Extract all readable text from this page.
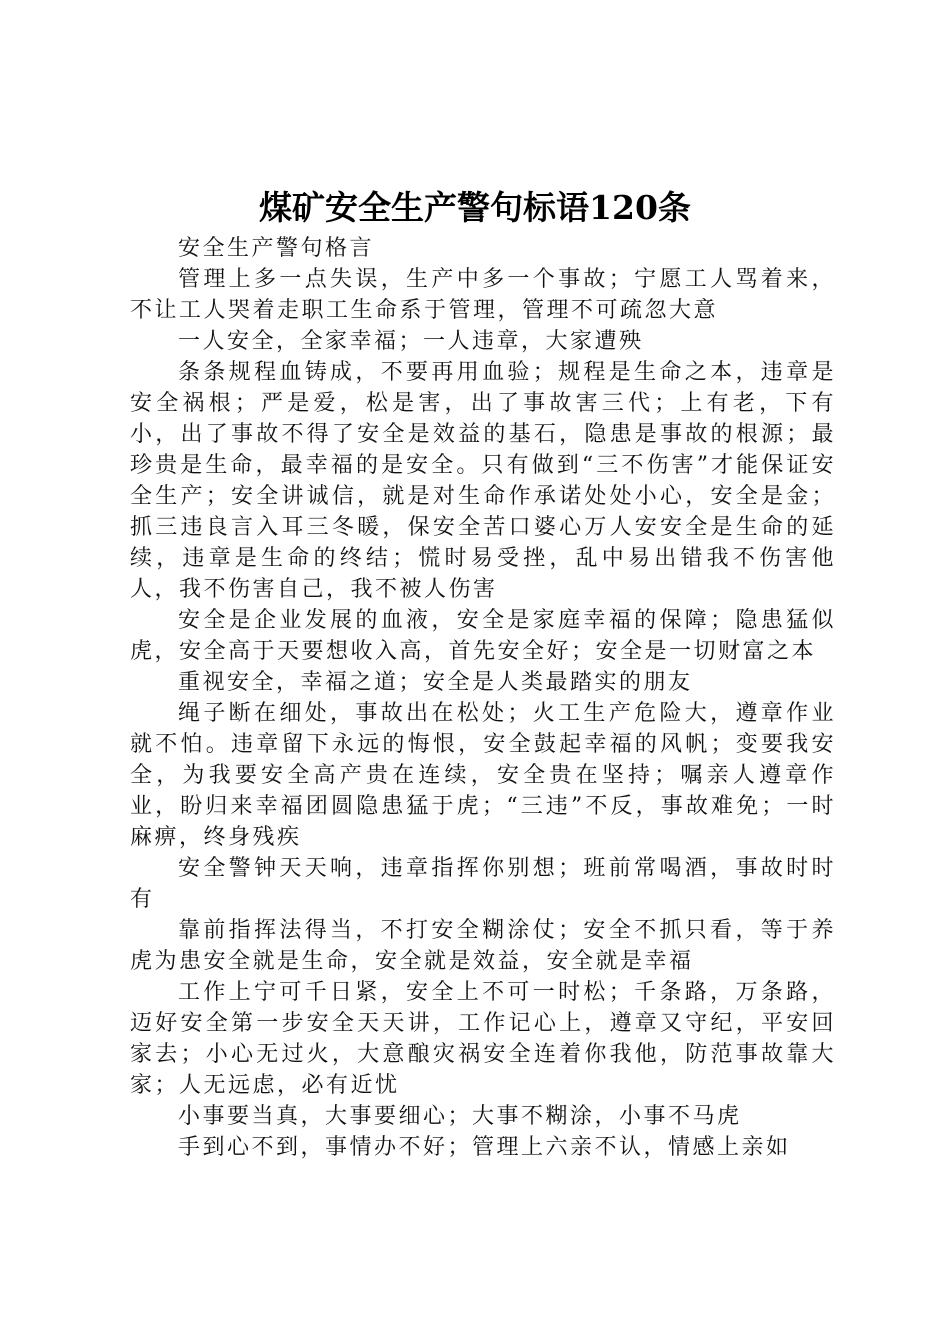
煤矿安全生产警句标语120条

安全生产警句格言

管理上多一点失误，生产中多一个事故；宁愿工人骂着来，不让工人哭着走职工生命系于管理，管理不可疏忽大意

一人安全，全家幸福；一人违章，大家遭殃

条条规程血铸成，不要再用血验；规程是生命之本，违章是安全祸根；严是爱，松是害，出了事故害三代；上有老，下有小，出了事故不得了安全是效益的基石，隐患是事故的根源；最珍贵是生命，最幸福的是安全。只有做到“三不伤害”才能保证安全生产；安全讲诚信，就是对生命作承诺处处小心，安全是金；抓三违良言入耳三冬暖，保安全苦口婆心万人安安全是生命的延续，违章是生命的终结；慌时易受挫，乱中易出错我不伤害他人，我不伤害自己，我不被人伤害

安全是企业发展的血液，安全是家庭幸福的保障；隐患猛似虎，安全高于天要想收入高，首先安全好；安全是一切财富之本

重视安全，幸福之道；安全是人类最踏实的朋友

绳子断在细处，事故出在松处；火工生产危险大，遵章作业就不怕。违章留下永远的悔恨，安全鼓起幸福的风帆；变要我安全，为我要安全高产贵在连续，安全贵在坚持；嘱亲人遵章作业，盼归来幸福团圆隐患猛于虎；“三违”不反，事故难免；一时麻痹，终身残疾

安全警钟天天响，违章指挥你别想；班前常喝酒，事故时时有

靠前指挥法得当，不打安全糊涂仗；安全不抓只看，等于养虎为患安全就是生命，安全就是效益，安全就是幸福

工作上宁可千日紧，安全上不可一时松；千条路，万条路，迈好安全第一步安全天天讲，工作记心上，遵章又守纪，平安回家去；小心无过火，大意酿灾祸安全连着你我他，防范事故靠大家；人无远虑，必有近忧

小事要当真，大事要细心；大事不糊涂，小事不马虎

手到心不到，事情办不好；管理上六亲不认，情感上亲如
